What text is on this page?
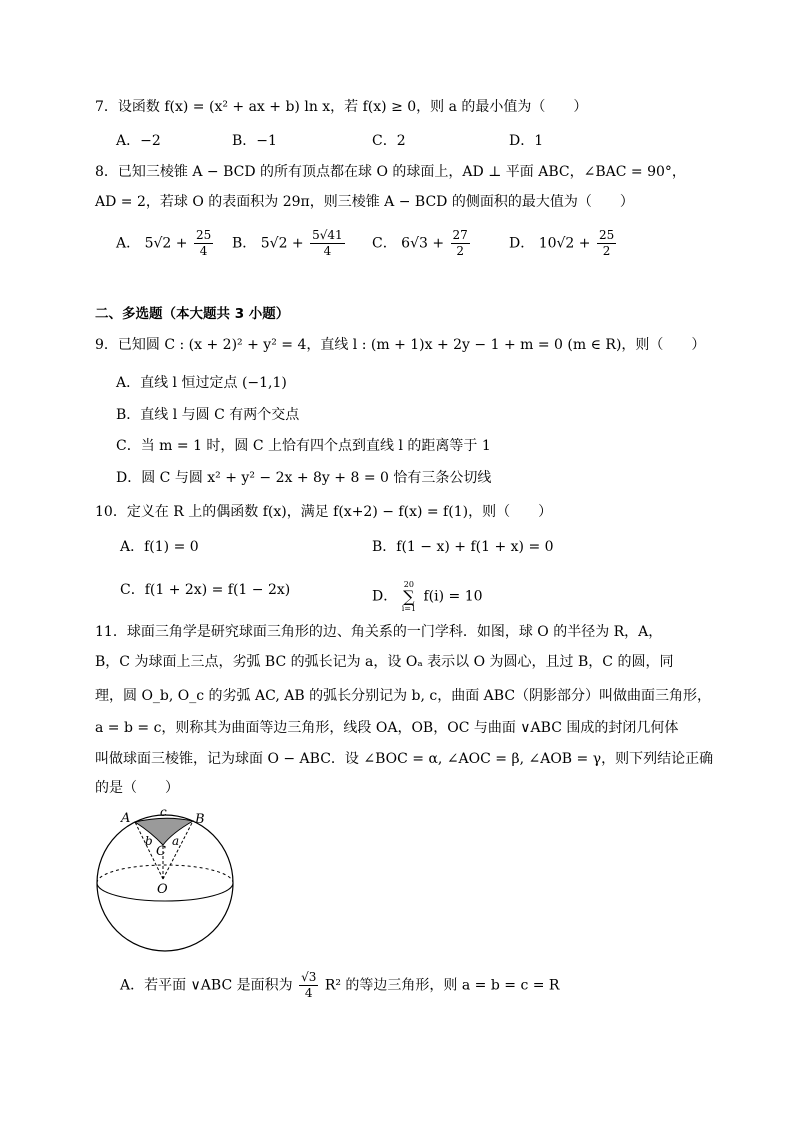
7．设函数 f(x) = (x² + ax + b) ln x，若 f(x) ≥ 0，则 a 的最小值为（　　）
A．−2	B．−1	C．2	D．1
8．已知三棱锥 A − BCD 的所有顶点都在球 O 的球面上，AD ⊥ 平面 ABC，∠BAC = 90°，
AD = 2，若球 O 的表面积为 29π，则三棱锥 A − BCD 的侧面积的最大值为（　　）
A． $5√2 + \frac{25}{4}$ B． $5√2 + \frac{5√41}{4}$ C． $6√3 + \frac{27}{2}$	D． $10√2 + \frac{25}{2}$
二、多选题（本大题共 3 小题）
9．已知圆 C : (x + 2)² + y² = 4，直线 l : (m + 1)x + 2y − 1 + m = 0 (m ∈ R)，则（　　）
A．直线 l 恒过定点 (−1,1)
B．直线 l 与圆 C 有两个交点
C．当 m = 1 时，圆 C 上恰有四个点到直线 l 的距离等于 1
D．圆 C 与圆 x² + y² − 2x + 8y + 8 = 0 恰有三条公切线
10．定义在 R 上的偶函数 f(x)，满足 f(x+2) − f(x) = f(1)，则（　　）
A．f(1) = 0	B．f(1 − x) + f(1 + x) = 0
C．f(1 + 2x) = f(1 − 2x)	D．
20
∑
i=1
f(i) = 10
11．球面三角学是研究球面三角形的边、角关系的一门学科．如图，球 O 的半径为 R，A，
B，C 为球面上三点，劣弧 BC 的弧长记为 a，设 Oₐ 表示以 O 为圆心，且过 B，C 的圆，同
理，圆 O_b, O_c 的劣弧 AC, AB 的弧长分别记为 b, c，曲面 ABC（阴影部分）叫做曲面三角形，
a = b = c，则称其为曲面等边三角形，线段 OA，OB，OC 与曲面 ∨ABC 围成的封闭几何体
叫做球面三棱锥，记为球面 O − ABC．设 ∠BOC = α, ∠AOC = β, ∠AOB = γ，则下列结论正确
的是（　　）
A	B
c
b a
C
O
A．若平面 ∨ABC 是面积为 $\frac{√3}{4} R^2$ 的等边三角形，则 a = b = c = R
